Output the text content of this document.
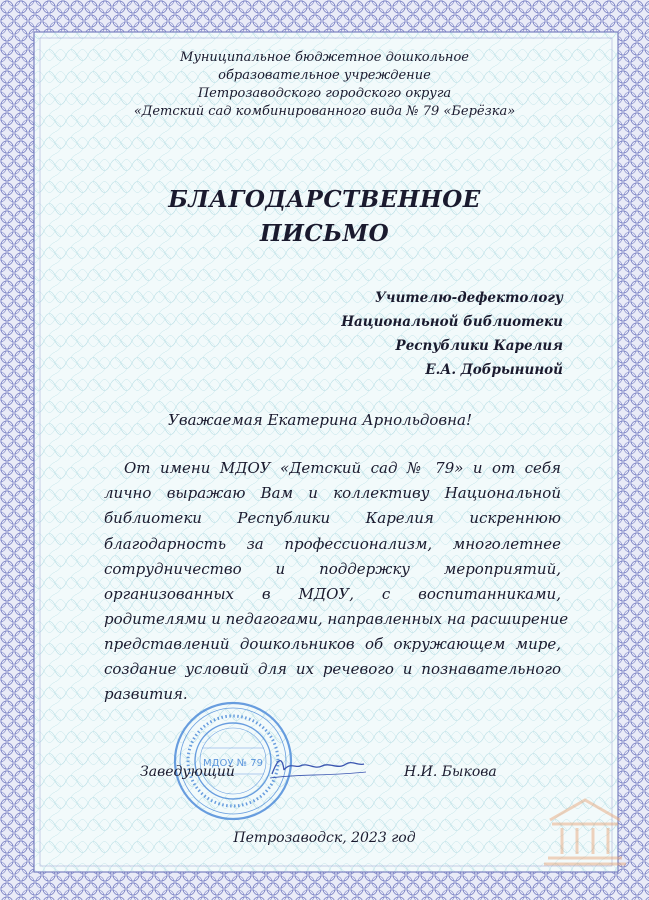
Муниципальное бюджетное дошкольное
образовательное учреждение
Петрозаводского городского округа
«Детский сад комбинированного вида № 79 «Берёзка»
БЛАГОДАРСТВЕННОЕ
ПИСЬМО
Учителю-дефектологу
Национальной библиотеки
Республики Карелия
Е.А. Добрыниной
Уважаемая Екатерина Арнольдовна!
От имени МДОУ «Детский сад № 79» и от себя
лично выражаю Вам и коллективу Национальной
библиотеки Республики Карелия искреннюю
благодарность за профессионализм, многолетнее
сотрудничество и поддержку мероприятий,
организованных в МДОУ, с воспитанниками,
родителями и педагогами, направленных на расширение
представлений дошкольников об окружающем мире,
создание условий для их речевого и познавательного
развития.
МДОУ № 79
Заведующий	Н.И. Быкова
Петрозаводск, 2023 год
